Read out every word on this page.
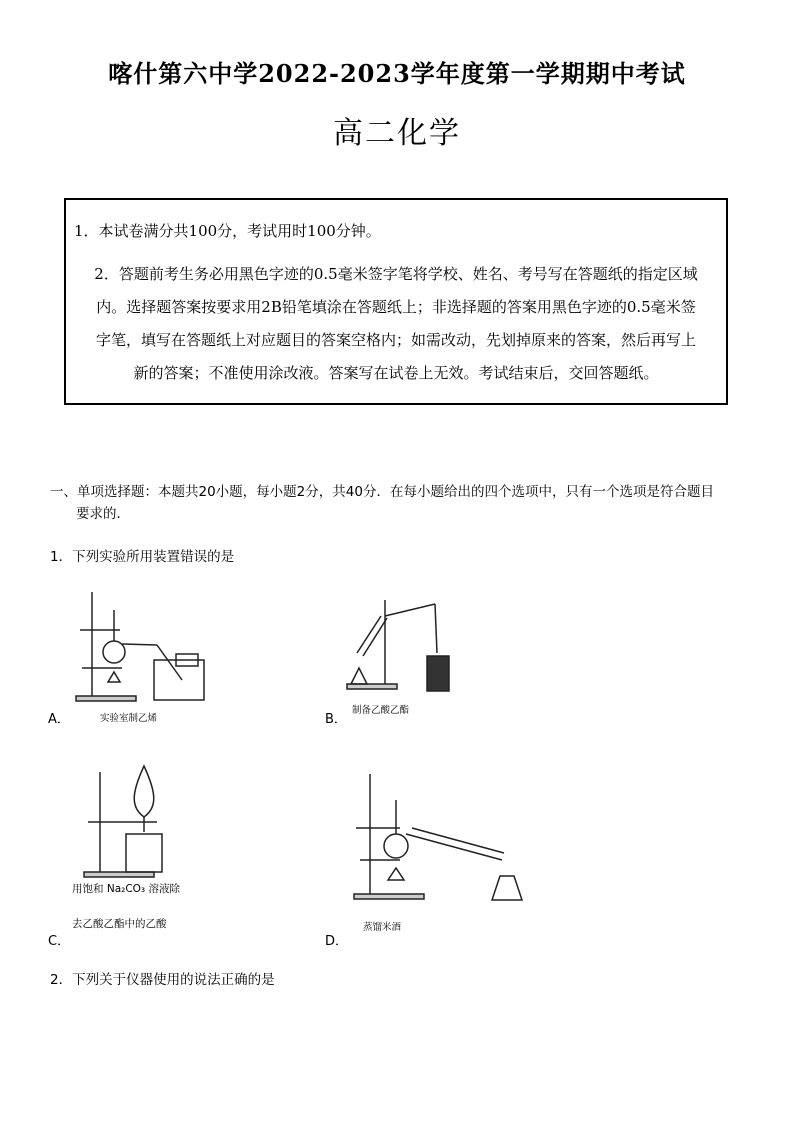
喀什第六中学2022-2023学年度第一学期期中考试
高二化学

1．本试卷满分共100分，考试用时100分钟。

2．答题前考生务必用黑色字迹的0.5毫米签字笔将学校、姓名、考号写在答题纸的指定区域

内。选择题答案按要求用2B铅笔填涂在答题纸上；非选择题的答案用黑色字迹的0.5毫米签

字笔，填写在答题纸上对应题目的答案空格内；如需改动，先划掉原来的答案，然后再写上

新的答案；不准使用涂改液。答案写在试卷上无效。考试结束后，交回答题纸。

一、单项选择题：本题共20小题，每小题2分，共40分．在每小题给出的四个选项中，只有一个选项是符合题目
要求的．
1．下列实验所用装置错误的是
A．	实验室制乙烯	B．
制备乙酸乙酯
用饱和 Na₂CO₃ 溶液除
去乙酸乙酯中的乙酸
C．
蒸馏米酒
D．
2．下列关于仪器使用的说法正确的是
